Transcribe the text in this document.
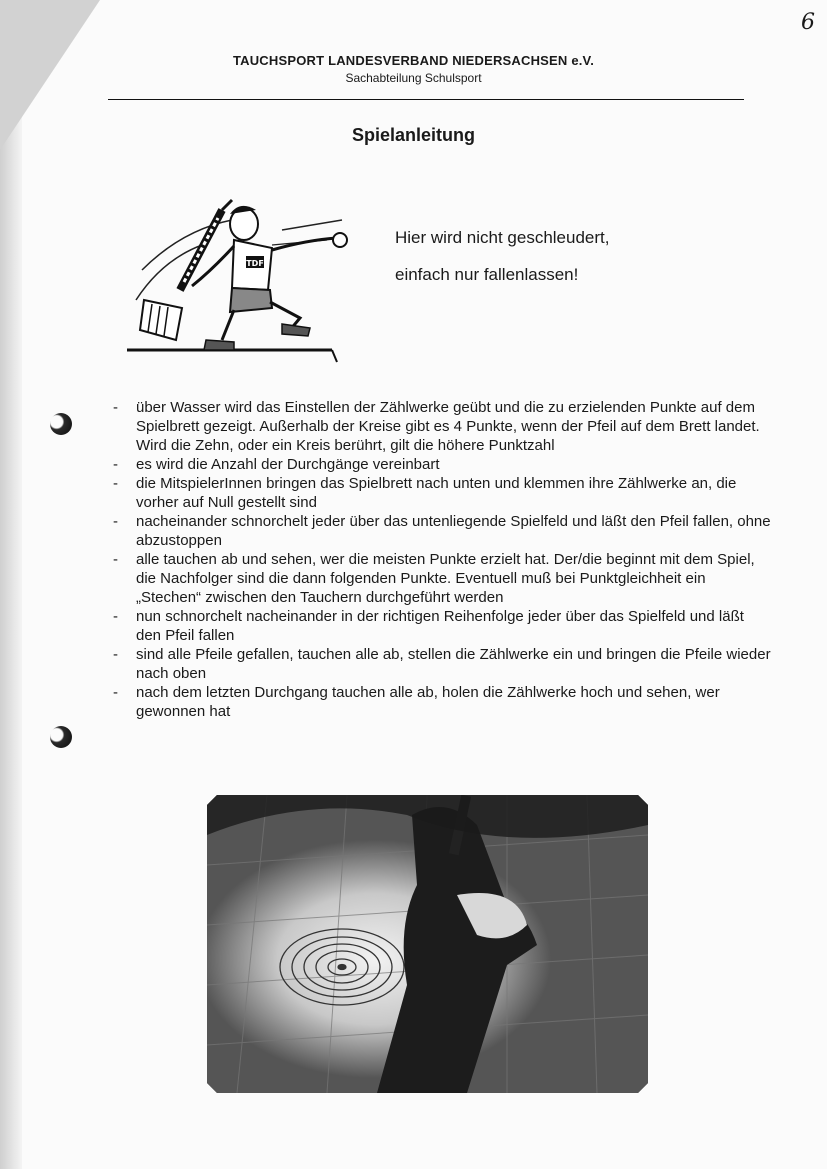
6
TAUCHSPORT LANDESVERBAND NIEDERSACHSEN e.V.
Sachabteilung Schulsport
Spielanleitung
TDF
Hier wird nicht geschleudert,
einfach nur fallenlassen!
- über Wasser wird das Einstellen der Zählwerke geübt und die zu erzielenden Punkte auf dem Spielbrett gezeigt. Außerhalb der Kreise gibt es 4 Punkte, wenn der Pfeil auf dem Brett landet. Wird die Zehn, oder ein Kreis berührt, gilt die höhere Punktzahl
- es wird die Anzahl der Durchgänge vereinbart
- die MitspielerInnen bringen das Spielbrett nach unten und klemmen ihre Zählwerke an, die vorher auf Null gestellt sind
- nacheinander schnorchelt jeder über das untenliegende Spielfeld und läßt den Pfeil fallen, ohne abzustoppen
- alle tauchen ab und sehen, wer die meisten Punkte erzielt hat. Der/die beginnt mit dem Spiel, die Nachfolger sind die dann folgenden Punkte. Eventuell muß bei Punktgleichheit ein „Stechen“ zwischen den Tauchern durchgeführt werden
- nun schnorchelt nacheinander in der richtigen Reihenfolge jeder über das Spielfeld und läßt den Pfeil fallen
- sind alle Pfeile gefallen, tauchen alle ab, stellen die Zählwerke ein und bringen die Pfeile wieder nach oben
- nach dem letzten Durchgang tauchen alle ab, holen die Zählwerke hoch und sehen, wer gewonnen hat
